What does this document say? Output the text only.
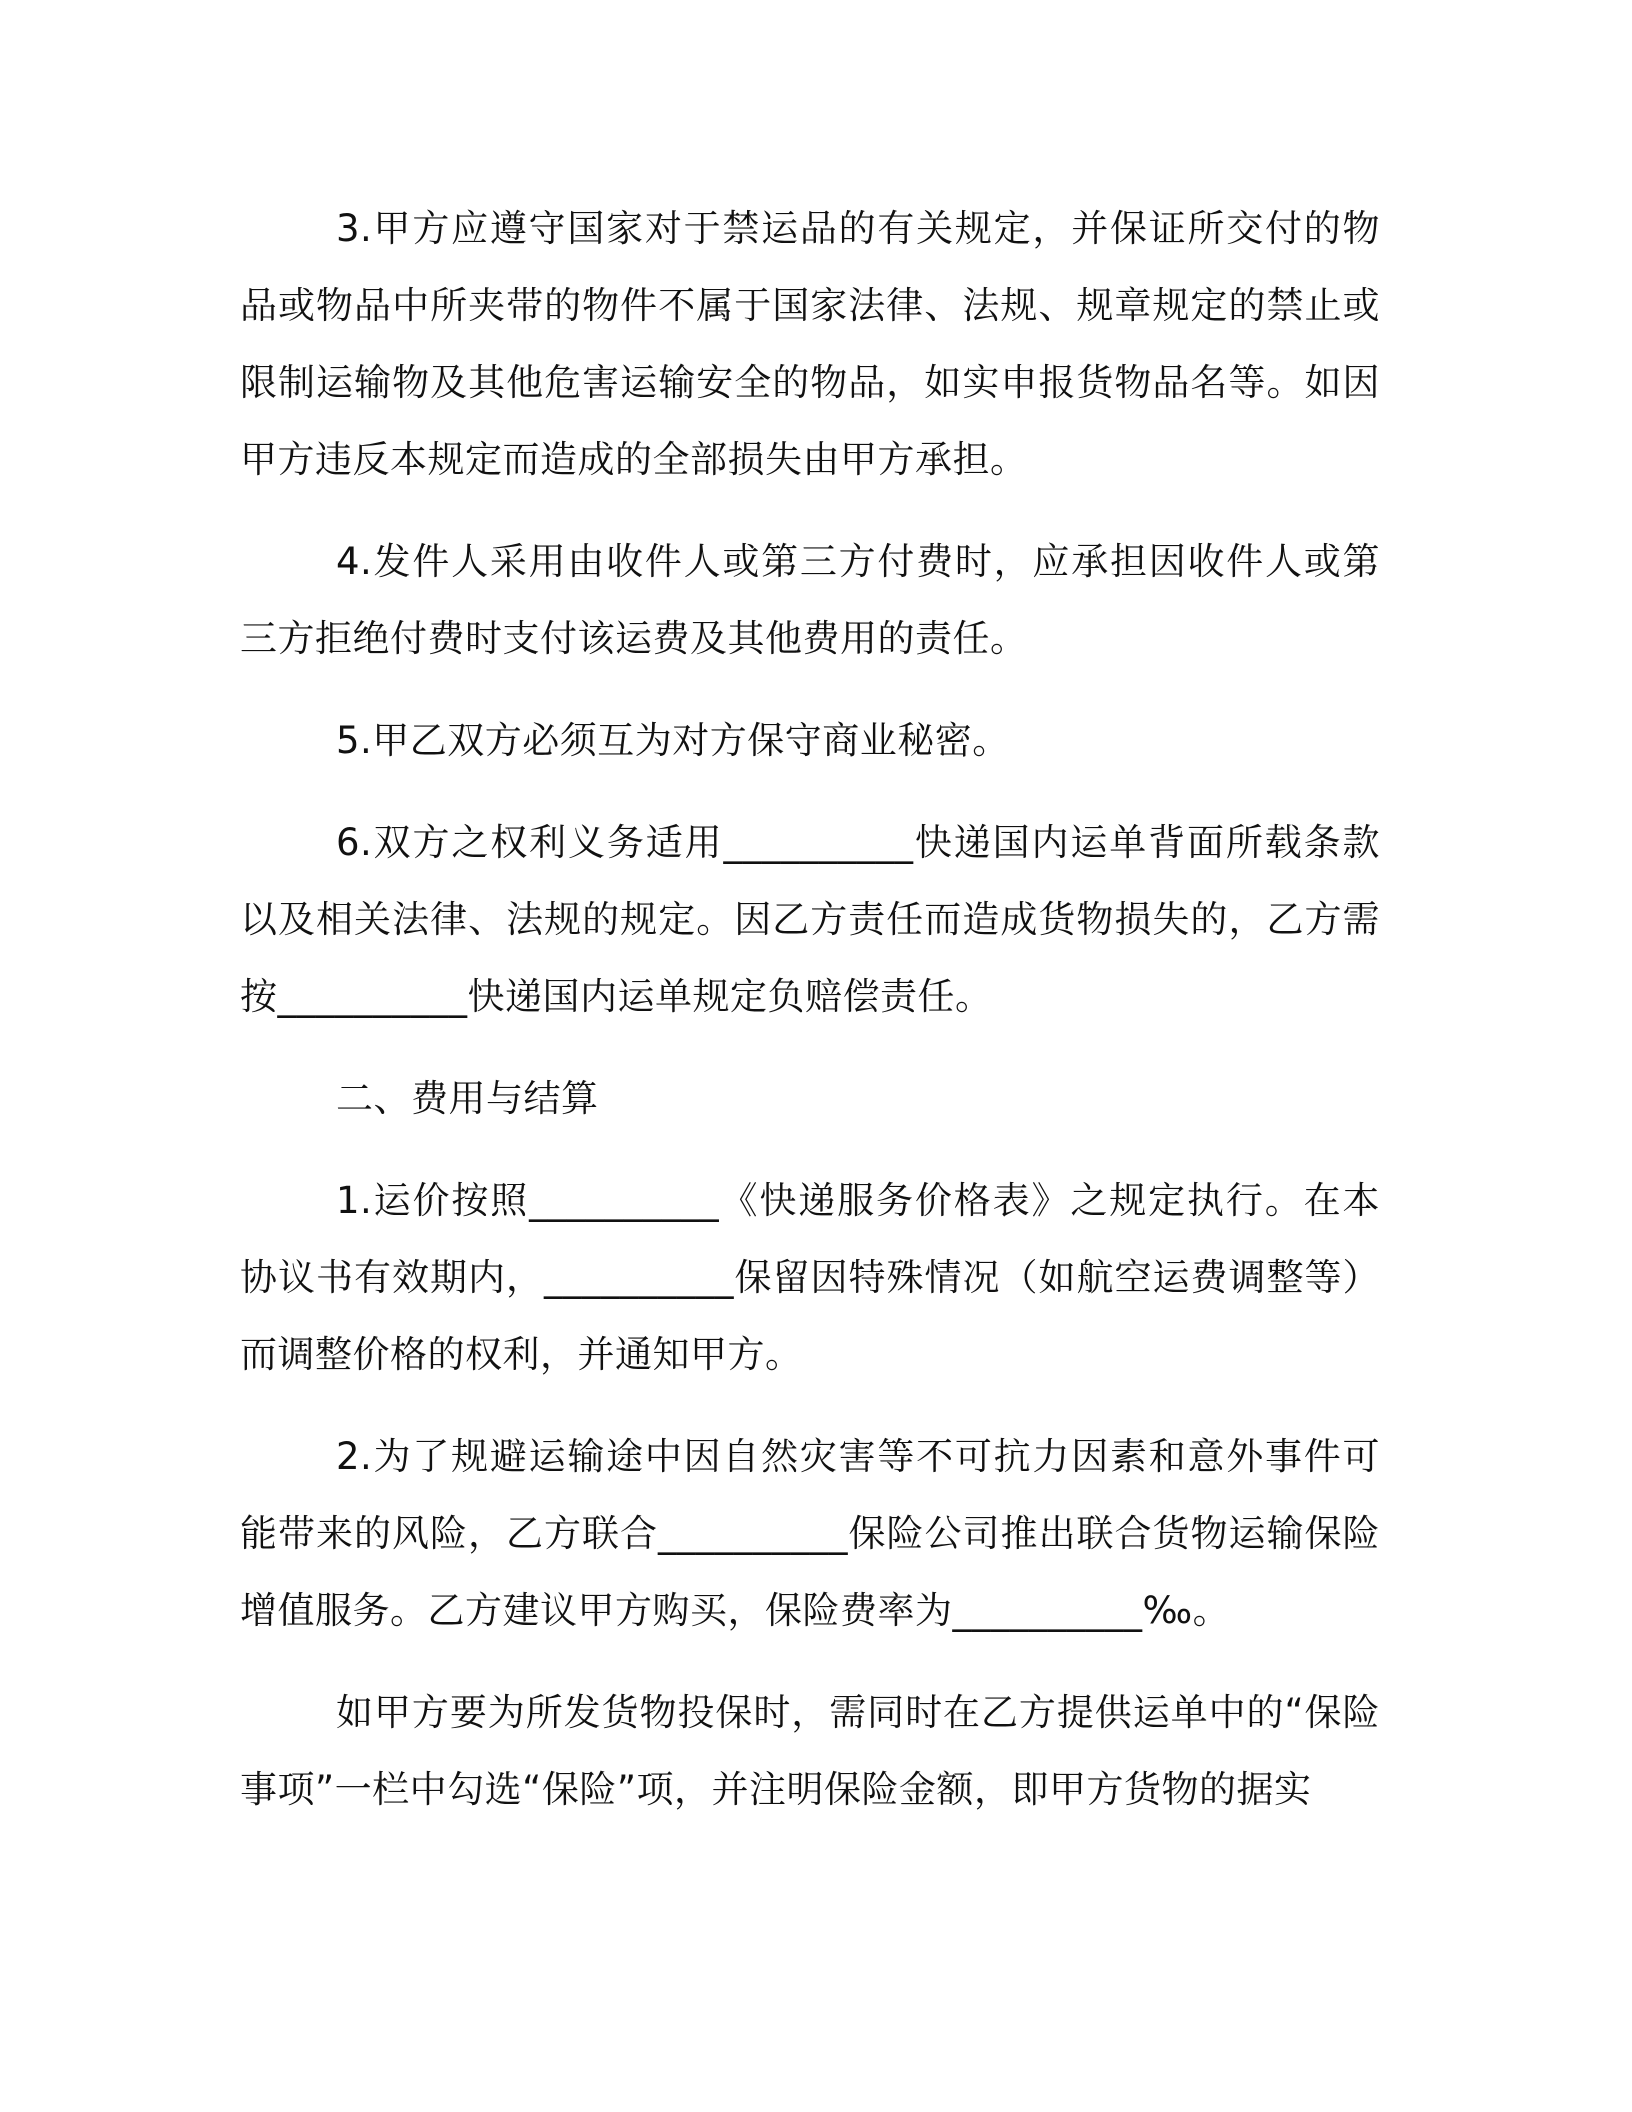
3.甲方应遵守国家对于禁运品的有关规定，并保证所交付的物品或物品中所夹带的物件不属于国家法律、法规、规章规定的禁止或限制运输物及其他危害运输安全的物品，如实申报货物品名等。如因甲方违反本规定而造成的全部损失由甲方承担。

4.发件人采用由收件人或第三方付费时，应承担因收件人或第三方拒绝付费时支付该运费及其他费用的责任。

5.甲乙双方必须互为对方保守商业秘密。

6.双方之权利义务适用__________快递国内运单背面所载条款以及相关法律、法规的规定。因乙方责任而造成货物损失的，乙方需按__________快递国内运单规定负赔偿责任。

二、费用与结算

1.运价按照__________《快递服务价格表》之规定执行。在本协议书有效期内，__________保留因特殊情况（如航空运费调整等）而调整价格的权利，并通知甲方。

2.为了规避运输途中因自然灾害等不可抗力因素和意外事件可能带来的风险，乙方联合__________保险公司推出联合货物运输保险增值服务。乙方建议甲方购买，保险费率为__________‰。

如甲方要为所发货物投保时，需同时在乙方提供运单中的“保险事项”一栏中勾选“保险”项，并注明保险金额，即甲方货物的据实
